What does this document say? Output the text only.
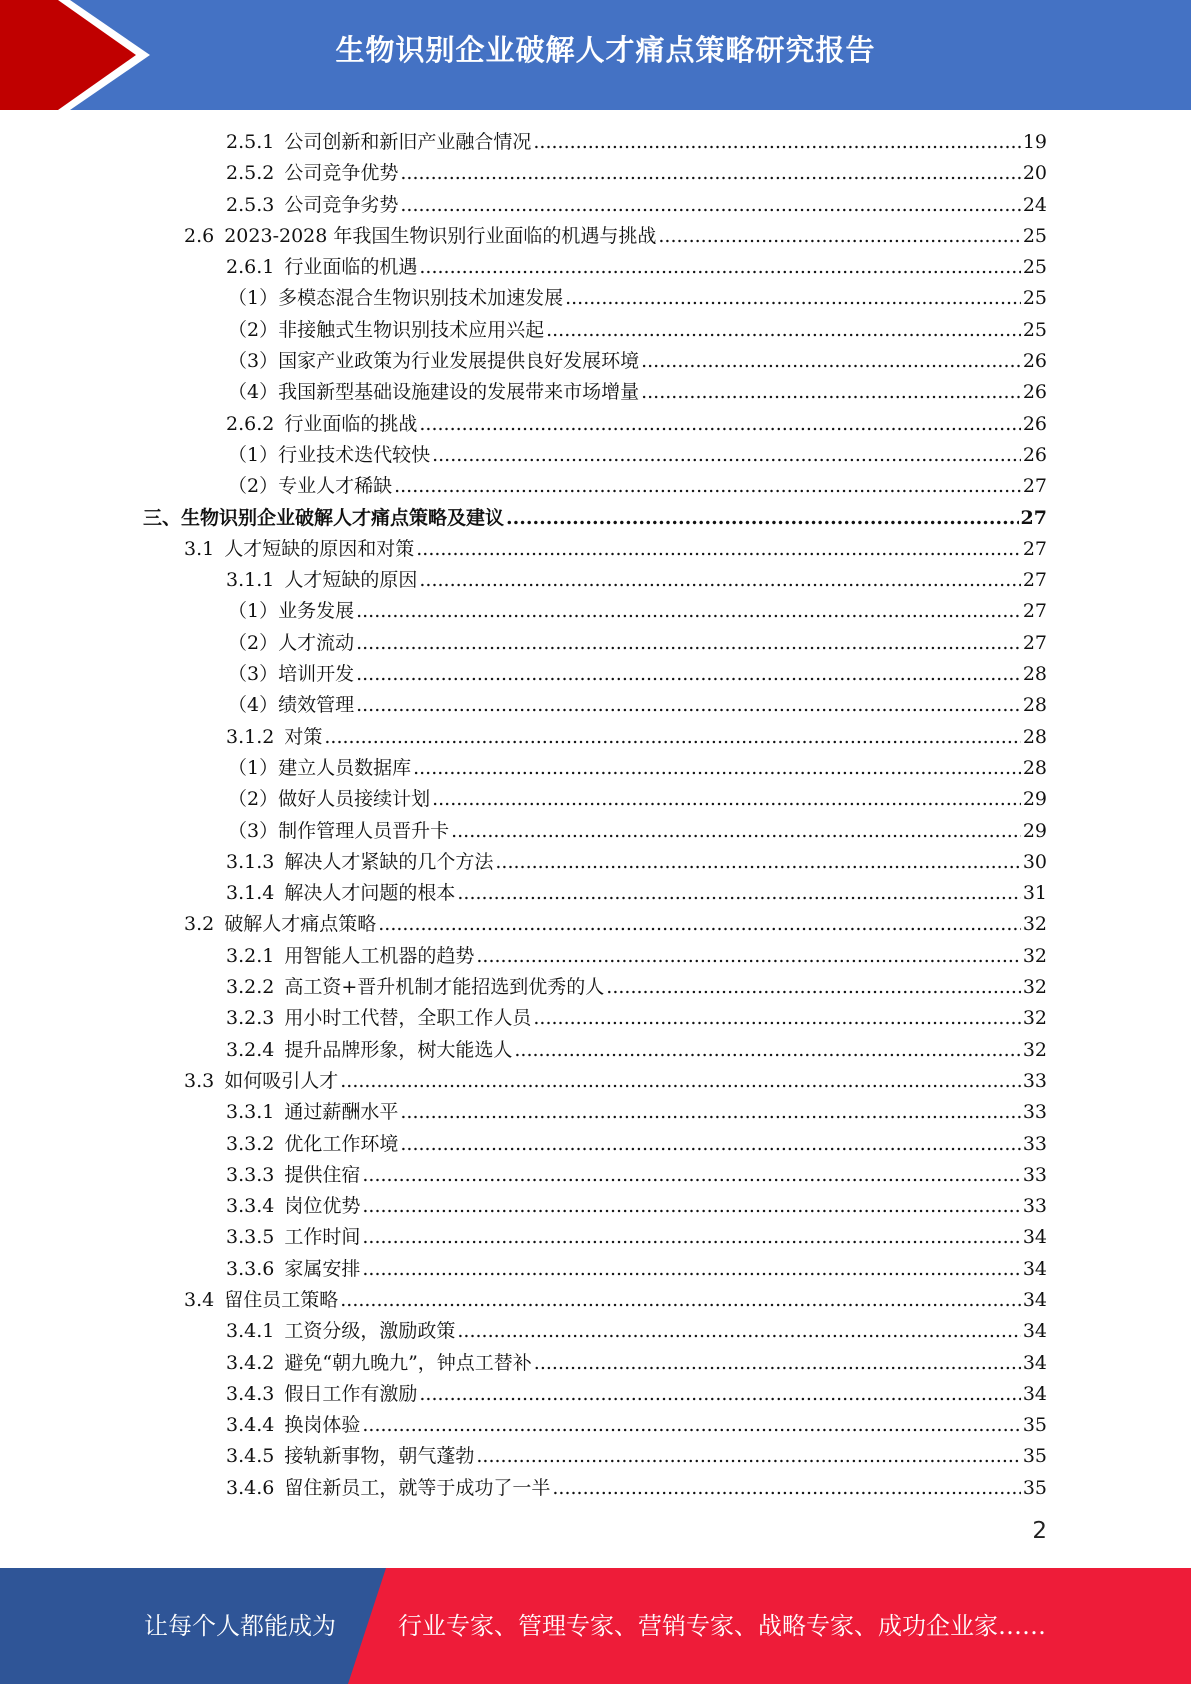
生物识别企业破解人才痛点策略研究报告
2.5.1 公司创新和新旧产业融合情况 .....	19
2.5.2 公司竞争优势 .....	20
2.5.3 公司竞争劣势 .....	24
2.6 2023-2028 年我国生物识别行业面临的机遇与挑战 .....	25
2.6.1 行业面临的机遇 .....	25
（1）多模态混合生物识别技术加速发展 .....	25
（2）非接触式生物识别技术应用兴起 .....	25
（3）国家产业政策为行业发展提供良好发展环境 .....	26
（4）我国新型基础设施建设的发展带来市场增量 .....	26
2.6.2 行业面临的挑战 .....	26
（1）行业技术迭代较快 .....	26
（2）专业人才稀缺 .....	27
三、 生物识别企业破解人才痛点策略及建议 .....	27
3.1 人才短缺的原因和对策 .....	27
3.1.1 人才短缺的原因 .....	27
（1）业务发展 .....	27
（2）人才流动 .....	27
（3）培训开发 .....	28
（4）绩效管理 .....	28
3.1.2 对策 .....	28
（1）建立人员数据库 .....	28
（2）做好人员接续计划 .....	29
（3）制作管理人员晋升卡 .....	29
3.1.3 解决人才紧缺的几个方法 .....	30
3.1.4 解决人才问题的根本 .....	31
3.2 破解人才痛点策略 .....	32
3.2.1 用智能人工机器的趋势 .....	32
3.2.2 高工资+晋升机制才能招选到优秀的人 .....	32
3.2.3 用小时工代替，全职工作人员 .....	32
3.2.4 提升品牌形象，树大能选人 .....	32
3.3 如何吸引人才 .....	33
3.3.1 通过薪酬水平 .....	33
3.3.2 优化工作环境 .....	33
3.3.3 提供住宿 .....	33
3.3.4 岗位优势 .....	33
3.3.5 工作时间 .....	34
3.3.6 家属安排 .....	34
3.4 留住员工策略 .....	34
3.4.1 工资分级，激励政策 .....	34
3.4.2 避免“朝九晚九”，钟点工替补 .....	34
3.4.3 假日工作有激励 .....	34
3.4.4 换岗体验 .....	35
3.4.5 接轨新事物，朝气蓬勃 .....	35
3.4.6 留住新员工，就等于成功了一半 .....	35
2
让每个人都能成为	行业专家、管理专家、营销专家、战略专家、成功企业家……
